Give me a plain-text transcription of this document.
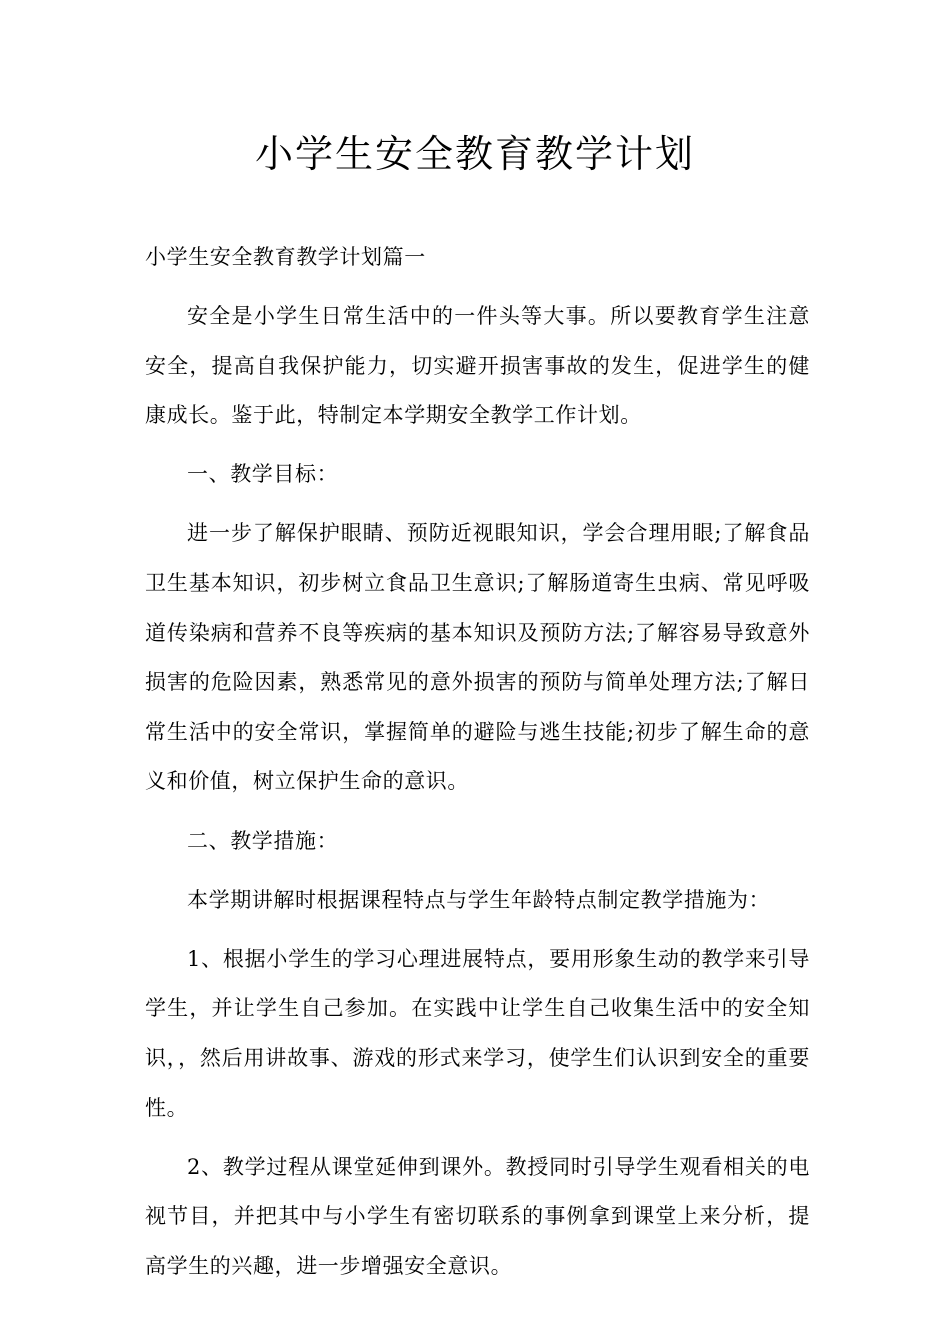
小学生安全教育教学计划

小学生安全教育教学计划篇一

安全是小学生日常生活中的一件头等大事。所以要教育学生注意安全，提高自我保护能力，切实避开损害事故的发生，促进学生的健康成长。鉴于此，特制定本学期安全教学工作计划。

一、教学目标：

进一步了解保护眼睛、预防近视眼知识，学会合理用眼;了解食品卫生基本知识，初步树立食品卫生意识;了解肠道寄生虫病、常见呼吸道传染病和营养不良等疾病的基本知识及预防方法;了解容易导致意外损害的危险因素，熟悉常见的意外损害的预防与简单处理方法;了解日常生活中的安全常识，掌握简单的避险与逃生技能;初步了解生命的意义和价值，树立保护生命的意识。

二、教学措施：

本学期讲解时根据课程特点与学生年龄特点制定教学措施为：

1、根据小学生的学习心理进展特点，要用形象生动的教学来引导学生，并让学生自己参加。在实践中让学生自己收集生活中的安全知识，，然后用讲故事、游戏的形式来学习，使学生们认识到安全的重要性。

2、教学过程从课堂延伸到课外。教授同时引导学生观看相关的电视节目，并把其中与小学生有密切联系的事例拿到课堂上来分析，提高学生的兴趣，进一步增强安全意识。
